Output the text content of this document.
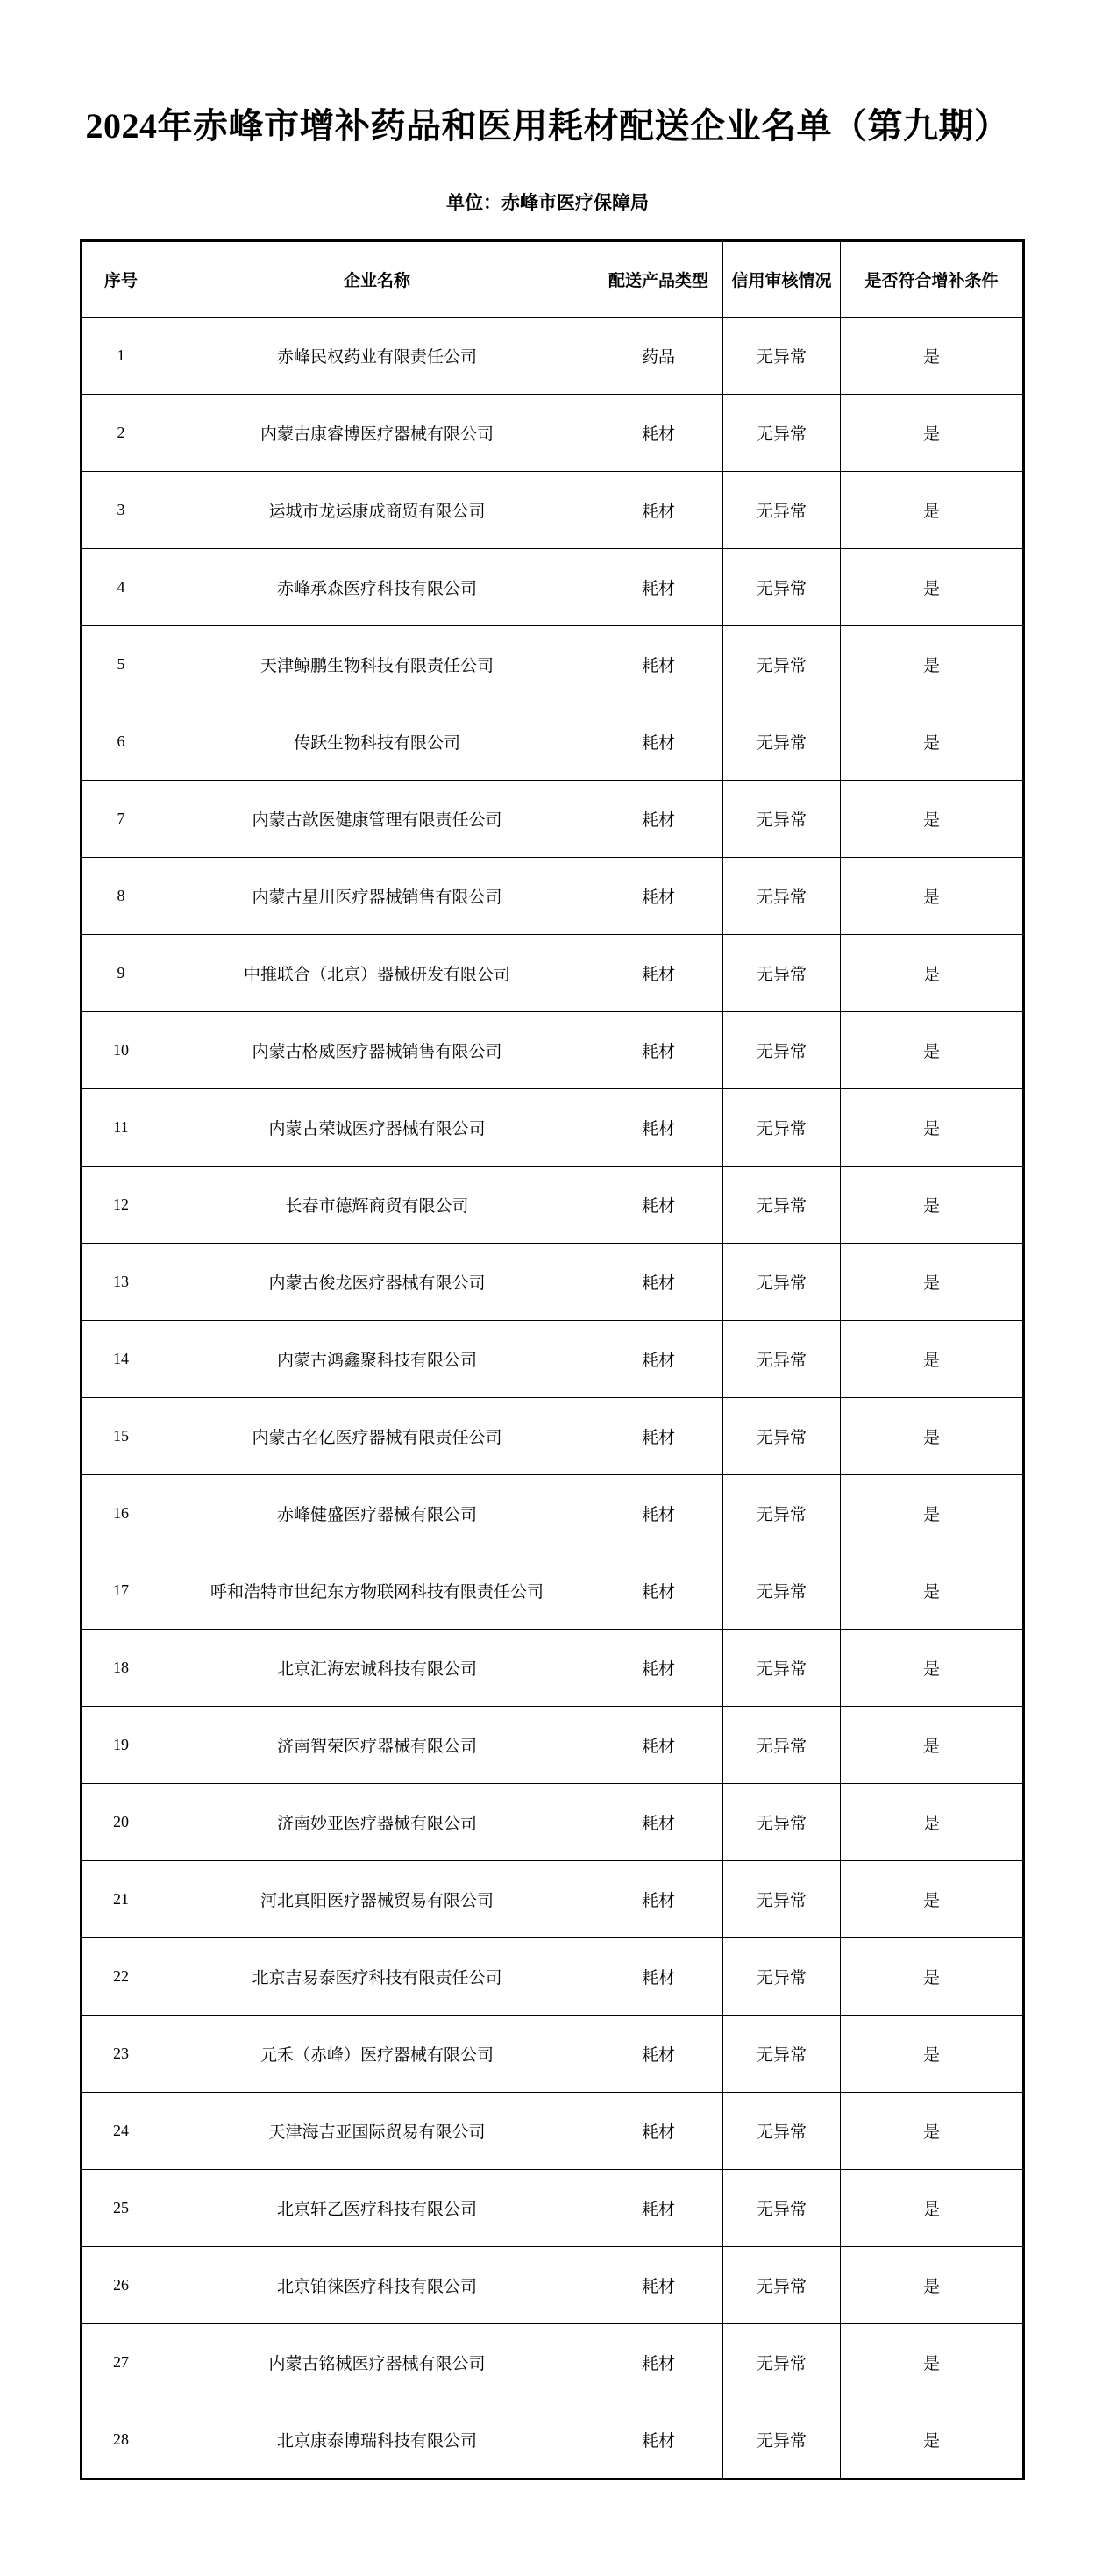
2024年赤峰市增补药品和医用耗材配送企业名单（第九期）
单位：赤峰市医疗保障局
序号	企业名称	配送产品类型	信用审核情况	是否符合增补条件
1	赤峰民权药业有限责任公司	药品	无异常	是
2	内蒙古康睿博医疗器械有限公司	耗材	无异常	是
3	运城市龙运康成商贸有限公司	耗材	无异常	是
4	赤峰承森医疗科技有限公司	耗材	无异常	是
5	天津鲸鹏生物科技有限责任公司	耗材	无异常	是
6	传跃生物科技有限公司	耗材	无异常	是
7	内蒙古歆医健康管理有限责任公司	耗材	无异常	是
8	内蒙古星川医疗器械销售有限公司	耗材	无异常	是
9	中推联合（北京）器械研发有限公司	耗材	无异常	是
10	内蒙古格威医疗器械销售有限公司	耗材	无异常	是
11	内蒙古荣诚医疗器械有限公司	耗材	无异常	是
12	长春市德辉商贸有限公司	耗材	无异常	是
13	内蒙古俊龙医疗器械有限公司	耗材	无异常	是
14	内蒙古鸿鑫聚科技有限公司	耗材	无异常	是
15	内蒙古名亿医疗器械有限责任公司	耗材	无异常	是
16	赤峰健盛医疗器械有限公司	耗材	无异常	是
17	呼和浩特市世纪东方物联网科技有限责任公司	耗材	无异常	是
18	北京汇海宏诚科技有限公司	耗材	无异常	是
19	济南智荣医疗器械有限公司	耗材	无异常	是
20	济南妙亚医疗器械有限公司	耗材	无异常	是
21	河北真阳医疗器械贸易有限公司	耗材	无异常	是
22	北京吉易泰医疗科技有限责任公司	耗材	无异常	是
23	元禾（赤峰）医疗器械有限公司	耗材	无异常	是
24	天津海吉亚国际贸易有限公司	耗材	无异常	是
25	北京轩乙医疗科技有限公司	耗材	无异常	是
26	北京铂徕医疗科技有限公司	耗材	无异常	是
27	内蒙古铭械医疗器械有限公司	耗材	无异常	是
28	北京康泰博瑞科技有限公司	耗材	无异常	是
